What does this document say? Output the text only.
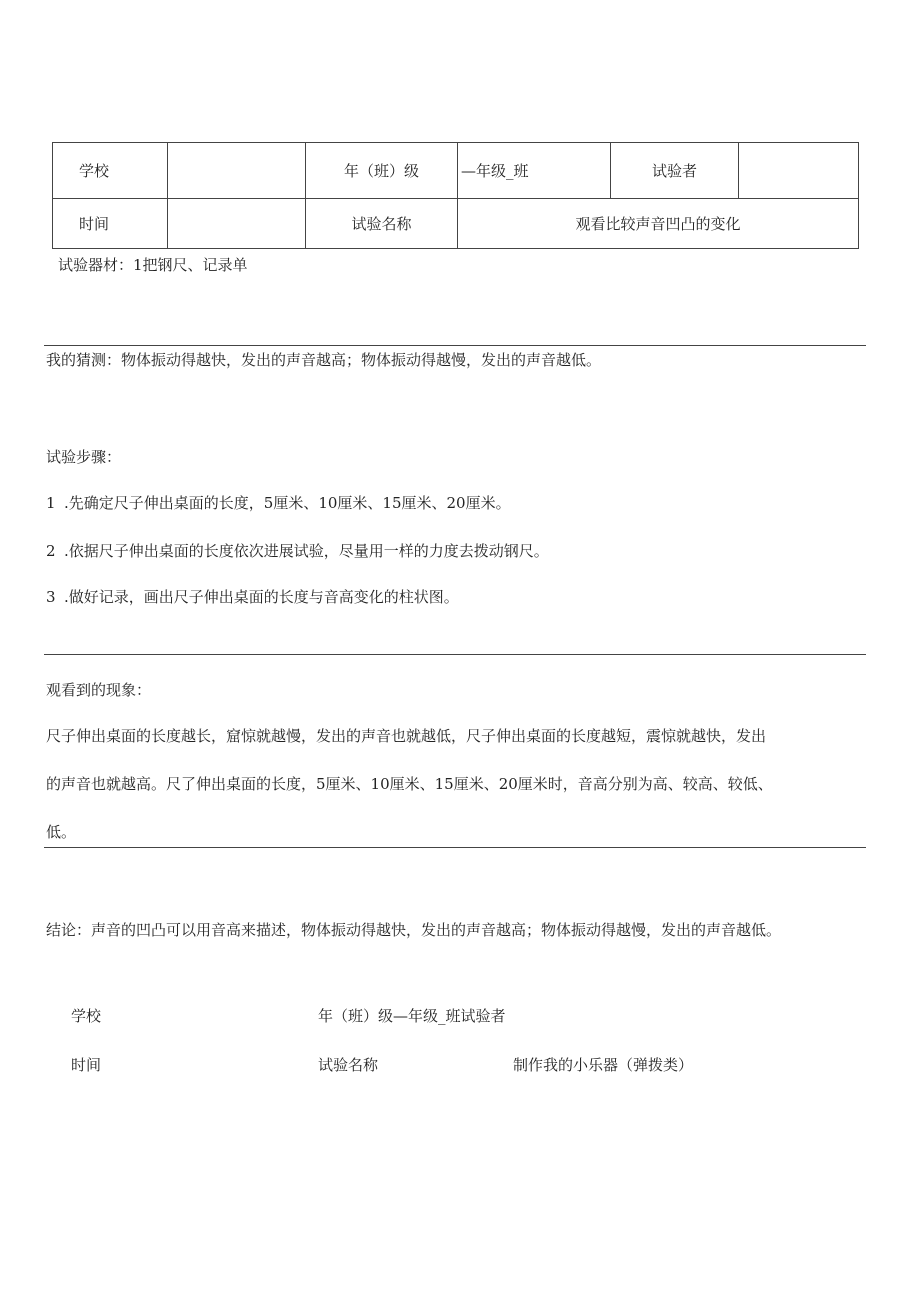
学校		年（班）级	—年级_班	试验者	
时间		试验名称	观看比较声音凹凸的变化		
试验器材：1把钢尺、记录单
我的猜测：物体振动得越快，发出的声音越高；物体振动得越慢，发出的声音越低。
试验步骤：
1 .先确定尺子伸出桌面的长度，5厘米、10厘米、15厘米、20厘米。
2 .依据尺子伸出桌面的长度依次进展试验，尽量用一样的力度去拨动钢尺。
3 .做好记录，画出尺子伸出桌面的长度与音高变化的柱状图。
观看到的现象：
尺子伸出桌面的长度越长，窟惊就越慢，发出的声音也就越低，尺子伸出桌面的长度越短，震惊就越快，发出
的声音也就越高。尺了伸出桌面的长度，5厘米、10厘米、15厘米、20厘米时，音高分别为高、较高、较低、
低。
结论：声音的凹凸可以用音高来描述，物体振动得越快，发出的声音越高；物体振动得越慢，发出的声音越低。
学校	年（班）级—年级_班试验者
时间	试验名称	制作我的小乐器（弹拨类）
